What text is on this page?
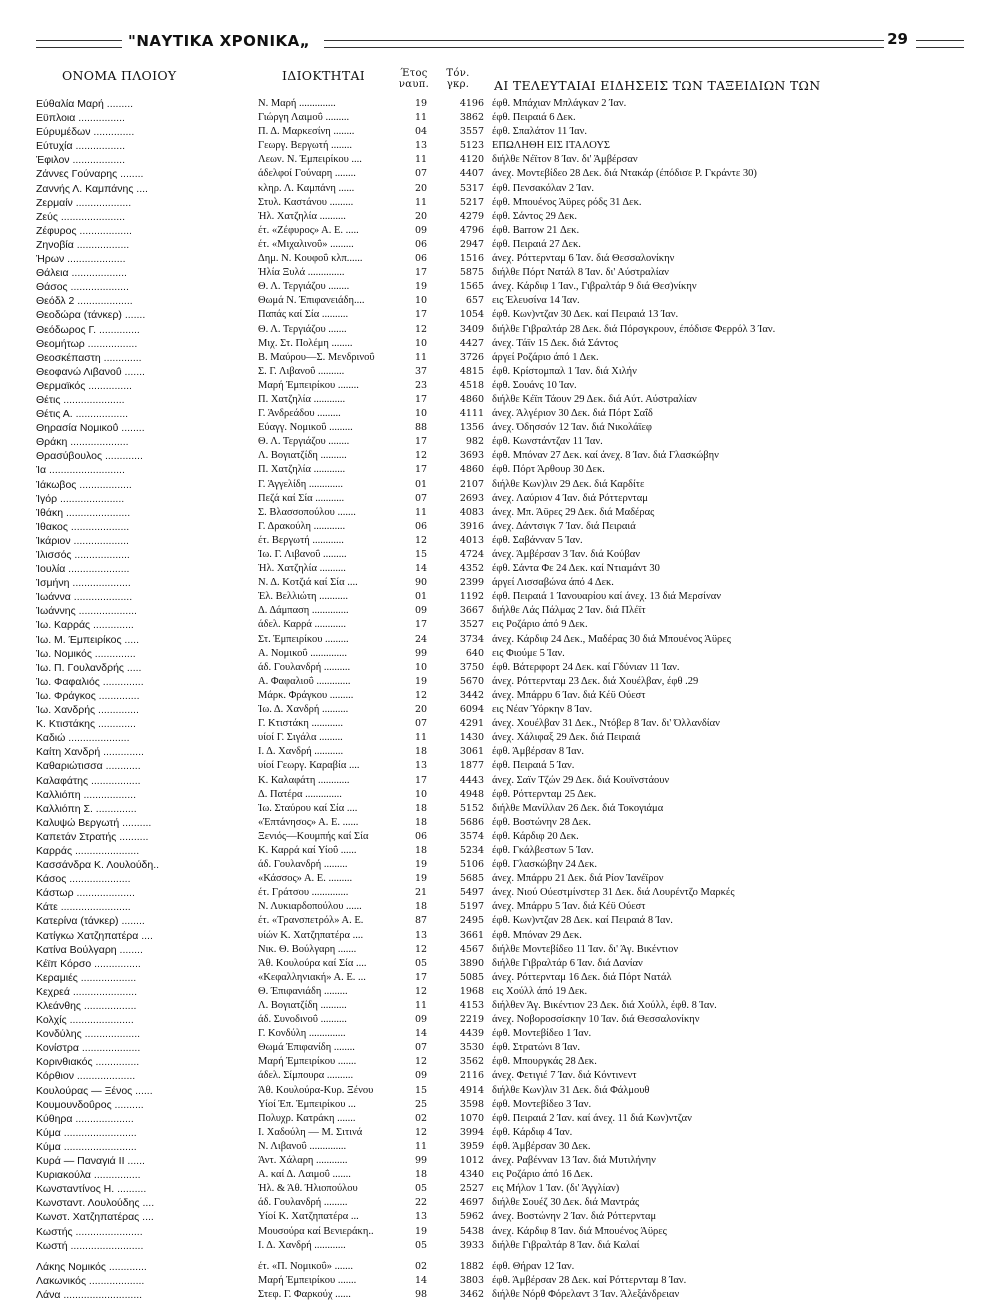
"ΝΑΥΤΙΚΑ ΧΡΟΝΙΚΑ„	29
ΟΝΟΜΑ ΠΛΟΙΟΥ	ΙΔΙΟΚΤΗΤΑΙ	Έτος ναυπ.
Τόν. γκρ.	ΑΙ ΤΕΛΕΥΤΑΙΑΙ ΕΙΔΗΣΕΙΣ ΤΩΝ ΤΑΞΕΙΔΙΩΝ ΤΩΝ
Εύθαλία Μαρή .........	Ν. Μαρή ..............	19	4196 έφθ. Μπάχιαν Μπλάγκαν 2 Ίαν.
Εϋπλοια ................	Γιώργη Λαιμοΰ .........	11	3862 έφθ. Πειραιά 6 Δεκ.
Εύρυμέδων ..............	Π. Δ. Μαρκεσίνη ........	04	3557 έφθ. Σπαλάτον 11 Ίαν.
Εύτυχία .................	Γεωργ. Βεργωτή ........	13	5123 ΕΠΩΛΗΘΗ ΕΙΣ ΙΤΑΛΟΥΣ
Έφιλον ..................	Λεων. Ν. Έμπειρίκου ....	11	4120 διήλθε Νέϊτον 8 Ίαν. δι' Άμβέρσαν
Ζάννες Γούναρης ........	άδελφοί Γούναρη ........	07	4407 άνεχ. Μοντεβίδεο 28 Δεκ. διά Ντακάρ (έπόδισε Ρ. Γκράντε 30)
Ζαννής Λ. Καμπάνης ....	κληρ. Λ. Καμπάνη ......	20	5317 έφθ. Πενσακόλαν 2 Ίαν.
Ζερμαίν ...................	Στυλ. Καστάνου .........	11	5217 έφθ. Μπουένος Άϋρες ρόδς 31 Δεκ.
Ζεύς ......................	Ήλ. Χατζηλία ..........	20	4279 έφθ. Σάντος 29 Δεκ.
Ζέφυρος ..................	έτ. «Ζέφυρος» Α. Ε. .....	09	4796 έφθ. Barrow 21 Δεκ.
Ζηνοβία ..................	έτ. «Μιχαλινοΰ» .........	06	2947 έφθ. Πειραιά 27 Δεκ.
Ήρων ....................	Δημ. Ν. Κουφοΰ κλπ......	06	1516 άνεχ. Ρόττερνταμ 6 Ίαν. διά Θεσσαλονίκην
Θάλεια ...................	Ήλία Ξυλά ..............	17	5875 διήλθε Πόρτ Νατάλ 8 Ίαν. δι' Αύστραλίαν
Θάσος ....................	Θ. Λ. Τεργιάζου ........	19	1565 άνεχ. Κάρδιφ 1 Ίαν., Γιβραλτάρ 9 διά Θεσ)νίκην
Θεόδλ 2 ...................	Θωμά Ν. Έπιφανειάδη....	10	657 εις Έλευσίνα 14 Ίαν.
Θεοδώρα (τάνκερ) .......	Παπάς καί Σία ..........	17	1054 έφθ. Κων)ντζαν 30 Δεκ. καί Πειραιά 13 Ίαν.
Θεόδωρος Γ. ..............	Θ. Λ. Τεργιάζου .......	12	3409 διήλθε Γιβραλτάρ 28 Δεκ. διά Πόρσγκρουν, έπόδισε Φερρόλ 3 Ίαν.
Θεομήτωρ .................	Μιχ. Στ. Πολέμη ........	10	4427 άνεχ. Τάϊν 15 Δεκ. διά Σάντος
Θεοσκέπαστη .............	Β. Μαύρου—Σ. Μενδρινοΰ	11	3726 άργεί Ροζάριο άπό 1 Δεκ.
Θεοφανώ Λιβανοΰ .......	Σ. Γ. Λιβανοΰ ..........	37	4815 έφθ. Κρίστομπαλ 1 Ίαν. διά Χιλήν
Θερμαϊκός ...............	Μαρή Έμπειρίκου ........	23	4518 έφθ. Σουάνς 10 Ίαν.
Θέτις .....................	Π. Χατζηλία ............	17	4860 διήλθε Κέϊπ Τάουν 29 Δεκ. διά Αύτ. Αύστραλίαν
Θέτις Α. ..................	Γ. Άνδρεάδου .........	10	4111 άνεχ. Άλγέριον 30 Δεκ. διά Πόρτ Σαΐδ
Θηρασία Νομικοΰ ........	Εύαγγ. Νομικοΰ .........	88	1356 άνεχ. Όδησσόν 12 Ίαν. διά Νικολάϊεφ
Θράκη ....................	Θ. Λ. Τεργιάζου ........	17	982 έφθ. Κωνστάντζαν 11 Ίαν.
Θρασύβουλος .............	Λ. Βογιατζίδη ..........	12	3693 έφθ. Μπόναν 27 Δεκ. καί άνεχ. 8 Ίαν. διά Γλασκώβην
Ία ..........................	Π. Χατζηλία ............	17	4860 έφθ. Πόρτ Άρθουρ 30 Δεκ.
Ίάκωβος ..................	Γ. Άγγελίδη .............	01	2107 διήλθε Κων)λιν 29 Δεκ. διά Καρδίτε
Ίγόρ ......................	Πεζά καί Σία ...........	07	2693 άνεχ. Λαύριον 4 Ίαν. διά Ρόττερνταμ
Ίθάκη ......................	Σ. Βλασσοπούλου .......	11	4083 άνεχ. Μπ. Άϋρες 29 Δεκ. διά Μαδέρας
Ίθακος ....................	Γ. Δρακούλη ............	06	3916 άνεχ. Δάντσιγκ 7 Ίαν. διά Πειραιά
Ίκάριον ...................	έτ. Βεργωτή ............	12	4013 έφθ. Σαβάνναν 5 Ίαν.
Ίλισσός ...................	Ίω. Γ. Λιβανοΰ .........	15	4724 άνεχ. Άμβέρσαν 3 Ίαν. διά Κούβαν
Ίουλία .....................	Ήλ. Χατζηλία ..........	14	4352 έφθ. Σάντα Φε 24 Δεκ. καί Ντιαμάντ 30
Ίσμήνη ....................	Ν. Δ. Κοτζιά καί Σία ....	90	2399 άργεί Λισσαβώνα άπό 4 Δεκ.
Ίωάννα ....................	Έλ. Βελλιώτη ...........	01	1192 έφθ. Πειραιά 1 Ίανουαρίου καί άνεχ. 13 διά Μερσίναν
Ίωάννης ....................	Δ. Δάμπαση ..............	09	3667 διήλθε Λάς Πάλμας 2 Ίαν. διά Πλέϊτ
Ίω. Καρράς ..............	άδελ. Καρρά ............	17	3527 εις Ροζάριο άπό 9 Δεκ.
Ίω. Μ. Έμπειρίκος .....	Στ. Έμπειρίκου .........	24	3734 άνεχ. Κάρδιφ 24 Δεκ., Μαδέρας 30 διά Μπουένος Άϋρες
Ίω. Νομικός ..............	Α. Νομικοΰ ..............	99	640 εις Φιούμε 5 Ίαν.
Ίω. Π. Γουλανδρής .....	άδ. Γουλανδρή ..........	10	3750 έφθ. Βάτερφορτ 24 Δεκ. καί Γδύνιαν 11 Ίαν.
Ίω. Φαφαλιός ..............	Α. Φαφαλιοΰ .............	19	5670 άνεχ. Ρόττερνταμ 23 Δεκ. διά Χουέλβαν, έφθ .29
Ίω. Φράγκος ..............	Μάρκ. Φράγκου .........	12	3442 άνεχ. Μπάρρυ 6 Ίαν. διά Κέϋ Ούεστ
Ίω. Χανδρής ..............	Ίω. Δ. Χανδρή ..........	20	6094 εις Νέαν Ύόρκην 8 Ίαν.
Κ. Κτιστάκης .............	Γ. Κτιστάκη ............	07	4291 άνεχ. Χουέλβαν 31 Δεκ., Ντόβερ 8 Ίαν. δι' Όλλανδίαν
Καδιώ .....................	υίοί Γ. Σιγάλα .........	11	1430 άνεχ. Χάλιφαξ 29 Δεκ. διά Πειραιά
Καίτη Χανδρή ..............	Ι. Δ. Χανδρή ...........	18	3061 έφθ. Άμβέρσαν 8 Ίαν.
Καθαριώτισσα ............	υίοί Γεωργ. Καραβία ....	13	1877 έφθ. Πειραιά 5 Ίαν.
Καλαφάτης .................	Κ. Καλαφάτη ............	17	4443 άνεχ. Σαϊν Τζών 29 Δεκ. διά Κουϊνστάουν
Καλλιόπη ..................	Δ. Πατέρα ..............	10	4948 έφθ. Ρόττερνταμ 25 Δεκ.
Καλλιόπη Σ. ..............	Ίω. Σταύρου καί Σία ....	18	5152 διήλθε Μανίλλαν 26 Δεκ. διά Τοκογιάμα
Καλυψώ Βεργωτή ..........	«Έπτάνησος» Α. Ε. ......	18	5686 έφθ. Βοστώνην 28 Δεκ.
Καπετάν Στρατής ..........	Ξενιός—Κουμπής καί Σία	06	3574 έφθ. Κάρδιφ 20 Δεκ.
Καρράς ......................	Κ. Καρρά καί Υίοΰ ......	18	5234 έφθ. Γκάλβεστων 5 Ίαν.
Κασσάνδρα Κ. Λουλούδη..	άδ. Γουλανδρή .........	19	5106 έφθ. Γλασκώβην 24 Δεκ.
Κάσος .....................	«Κάσσος» Α. Ε. .........	19	5685 άνεχ. Μπάρρυ 21 Δεκ. διά Ρίον Ίανέϊρον
Κάστωρ ....................	έτ. Γράτσου ..............	21	5497 άνεχ. Νιού Ούεστμίνστερ 31 Δεκ. διά Λουρέντζο Μαρκές
Κάτε ........................	Ν. Λυκιαρδοπούλου ......	18	5197 άνεχ. Μπάρρυ 5 Ίαν. διά Κέϋ Ούεστ
Κατερίνα (τάνκερ) ........	έτ. «Τρανσπετρόλ» Α. Ε.	87	2495 έφθ. Κων)ντζαν 28 Δεκ. καί Πειραιά 8 Ίαν.
Κατίγκω Χατζηπατέρα ....	υίών Κ. Χατζηπατέρα ....	13	3661 έφθ. Μπόναν 29 Δεκ.
Κατίνα Βούλγαρη ........	Νικ. Θ. Βούλγαρη .......	12	4567 διήλθε Μοντεβίδεο 11 Ίαν. δι' Άγ. Βικέντιον
Κέϊπ Κόρσο ................	Άθ. Κουλούρα καί Σία ....	05	3890 διήλθε Γιβραλτάρ 6 Ίαν. διά Δανίαν
Κεραμιές ...................	«Κεφαλληνιακή» Α. Ε. ...	17	5085 άνεχ. Ρόττερνταμ 16 Δεκ. διά Πόρτ Νατάλ
Κεχρεά ......................	Θ. Έπιφανιάδη .........	12	1968 εις Χούλλ άπό 19 Δεκ.
Κλεάνθης ..................	Λ. Βογιατζίδη ..........	11	4153 διήλθεν Άγ. Βικέντιον 23 Δεκ. διά Χούλλ, έφθ. 8 Ίαν.
Κολχίς ......................	άδ. Συνοδινοΰ ..........	09	2219 άνεχ. Νοβοροσσίσκην 10 Ίαν. διά Θεσσαλονίκην
Κονδύλης ...................	Γ. Κονδύλη ..............	14	4439 έφθ. Μοντεβίδεο 1 Ίαν.
Κονίστρα ....................	Θωμά Έπιφανίδη ........	07	3530 έφθ. Στρατώνι 8 Ίαν.
Κορινθιακός ...............	Μαρή Έμπειρίκου .......	12	3562 έφθ. Μπουργκάς 28 Δεκ.
Κόρθιον ....................	άδελ. Σίμπουρα ..........	09	2116 άνεχ. Φετιγιέ 7 Ίαν. διά Κόντινεντ
Κουλούρας — Ξένος ......	Άθ. Κουλούρα-Κυρ. Ξένου	15	4914 διήλθε Κων)λιν 31 Δεκ. διά Φάλμουθ
Κουμουνδοΰρος ..........	Υίοί Έπ. Έμπειρίκου ...	25	3598 έφθ. Μοντεβίδεο 3 Ίαν.
Κύθηρα ....................	Πολυχρ. Κατράκη .......	02	1070 έφθ. Πειραιά 2 Ίαν. καί άνεχ. 11 διά Κων)ντζαν
Κύμα .........................	Ι. Χαδούλη — Μ. Σιτινά	12	3994 έφθ. Κάρδιφ 4 Ίαν.
Κύμα .........................	Ν. Λιβανοΰ ..............	11	3959 έφθ. Άμβέρσαν 30 Δεκ.
Κυρά — Παναγιά ΙΙ ......	Άντ. Χάλαρη ............	99	1012 άνεχ. Ραβένναν 13 Ίαν. διά Μυτιλήνην
Κυριακούλα ................	Α. καί Δ. Λαιμοΰ .......	18	4340 εις Ροζάριο άπό 16 Δεκ.
Κωνσταντίνος Η. ..........	Ήλ. & Άθ. Ήλιοπούλου	05	2527 εις Μήλον 1 Ίαν. (δι' Άγγλίαν)
Κωνσταντ. Λουλούδης ....	άδ. Γουλανδρή .........	22	4697 διήλθε Σουέζ 30 Δεκ. διά Μαντράς
Κωνστ. Χατζηπατέρας ....	Υίοί Κ. Χατζηπατέρα ...	13	5962 άνεχ. Βοστώνην 2 Ίαν. διά Ρόττερνταμ
Κωστής .......................	Μουσούρα καί Βενιεράκη..	19	5438 άνεχ. Κάρδιφ 8 Ίαν. διά Μπουένος Άϋρες
Κωστή .........................	Ι. Δ. Χανδρή ............	05	3933 διήλθε Γιβραλτάρ 8 Ίαν. διά Καλαί
Λάκης Νομικός .............	έτ. «Π. Νομικοΰ» .......	02	1882 έφθ. Θήραν 12 Ίαν.
Λακωνικός ...................	Μαρή Έμπειρίκου .......	14	3803 έφθ. Άμβέρσαν 28 Δεκ. καί Ρόττερνταμ 8 Ίαν.
Λάνα ...........................	Στεφ. Γ. Φαρκούχ ......	98	3462 διήλθε Νόρθ Φόρελαντ 3 Ίαν. Άλεξάνδρειαν
